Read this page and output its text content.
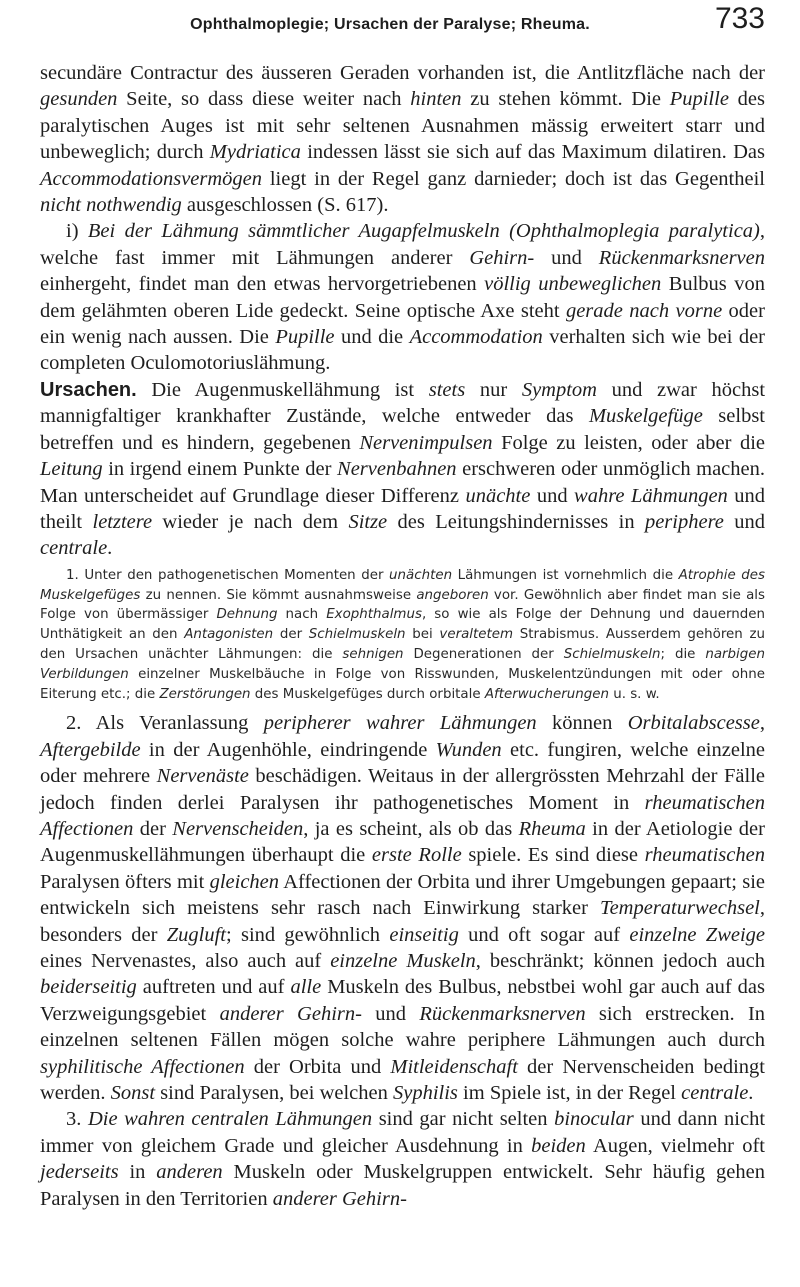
Ophthalmoplegie; Ursachen der Paralyse; Rheuma.	733

secundäre Contractur des äusseren Geraden vorhanden ist, die Antlitzfläche nach der gesunden Seite, so dass diese weiter nach hinten zu stehen kömmt. Die Pupille des paralytischen Auges ist mit sehr seltenen Ausnahmen mässig erweitert starr und unbeweglich; durch Mydriatica indessen lässt sie sich auf das Maximum dilatiren. Das Accommodationsvermögen liegt in der Regel ganz darnieder; doch ist das Gegentheil nicht nothwendig ausgeschlossen (S. 617).

i) Bei der Lähmung sämmtlicher Augapfelmuskeln (Ophthalmoplegia paralytica), welche fast immer mit Lähmungen anderer Gehirn- und Rückenmarksnerven einhergeht, findet man den etwas hervorgetriebenen völlig unbeweglichen Bulbus von dem gelähmten oberen Lide gedeckt. Seine optische Axe steht gerade nach vorne oder ein wenig nach aussen. Die Pupille und die Accommodation verhalten sich wie bei der completen Oculomotoriuslähmung.

Ursachen. Die Augenmuskellähmung ist stets nur Symptom und zwar höchst mannigfaltiger krankhafter Zustände, welche entweder das Muskelgefüge selbst betreffen und es hindern, gegebenen Nervenimpulsen Folge zu leisten, oder aber die Leitung in irgend einem Punkte der Nervenbahnen erschweren oder unmöglich machen. Man unterscheidet auf Grundlage dieser Differenz unächte und wahre Lähmungen und theilt letztere wieder je nach dem Sitze des Leitungshindernisses in periphere und centrale.

1. Unter den pathogenetischen Momenten der unächten Lähmungen ist vornehmlich die Atrophie des Muskelgefüges zu nennen. Sie kömmt ausnahmsweise angeboren vor. Gewöhnlich aber findet man sie als Folge von übermässiger Dehnung nach Exophthalmus, so wie als Folge der Dehnung und dauernden Unthätigkeit an den Antagonisten der Schielmuskeln bei veraltetem Strabismus. Ausserdem gehören zu den Ursachen unächter Lähmungen: die sehnigen Degenerationen der Schielmuskeln; die narbigen Verbildungen einzelner Muskelbäuche in Folge von Risswunden, Muskelentzündungen mit oder ohne Eiterung etc.; die Zerstörungen des Muskelgefüges durch orbitale Afterwucherungen u. s. w.

2. Als Veranlassung peripherer wahrer Lähmungen können Orbitalabscesse, Aftergebilde in der Augenhöhle, eindringende Wunden etc. fungiren, welche einzelne oder mehrere Nervenäste beschädigen. Weitaus in der allergrössten Mehrzahl der Fälle jedoch finden derlei Paralysen ihr pathogenetisches Moment in rheumatischen Affectionen der Nervenscheiden, ja es scheint, als ob das Rheuma in der Aetiologie der Augenmuskellähmungen überhaupt die erste Rolle spiele. Es sind diese rheumatischen Paralysen öfters mit gleichen Affectionen der Orbita und ihrer Umgebungen gepaart; sie entwickeln sich meistens sehr rasch nach Einwirkung starker Temperaturwechsel, besonders der Zugluft; sind gewöhnlich einseitig und oft sogar auf einzelne Zweige eines Nervenastes, also auch auf einzelne Muskeln, beschränkt; können jedoch auch beiderseitig auftreten und auf alle Muskeln des Bulbus, nebstbei wohl gar auch auf das Verzweigungsgebiet anderer Gehirn- und Rückenmarksnerven sich erstrecken. In einzelnen seltenen Fällen mögen solche wahre periphere Lähmungen auch durch syphilitische Affectionen der Orbita und Mitleidenschaft der Nervenscheiden bedingt werden. Sonst sind Paralysen, bei welchen Syphilis im Spiele ist, in der Regel centrale.

3. Die wahren centralen Lähmungen sind gar nicht selten binocular und dann nicht immer von gleichem Grade und gleicher Ausdehnung in beiden Augen, vielmehr oft jederseits in anderen Muskeln oder Muskelgruppen entwickelt. Sehr häufig gehen Paralysen in den Territorien anderer Gehirn-
